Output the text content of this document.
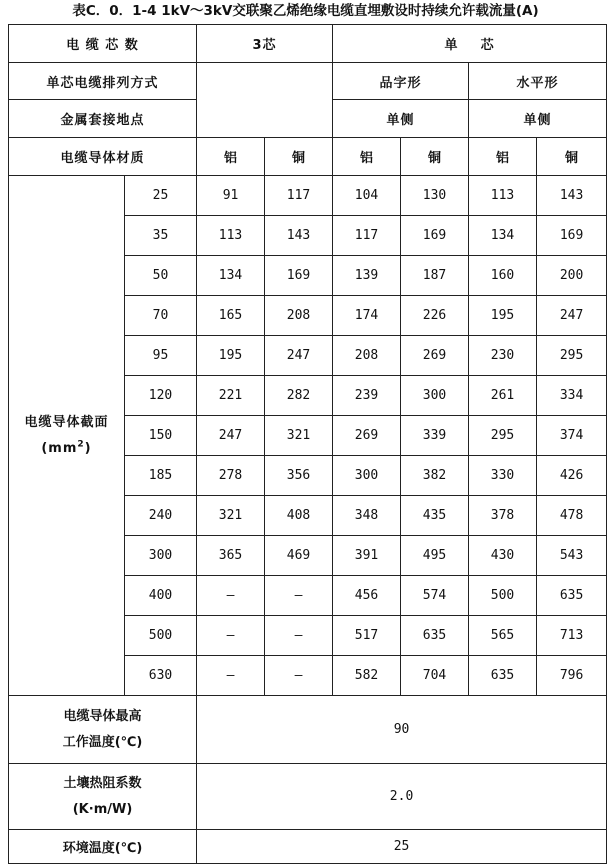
表C．0．1-4 1kV～3kV交联聚乙烯绝缘电缆直埋敷设时持续允许载流量(A)
电 缆 芯 数		3芯		单    芯			
单芯电缆排列方式				品字形		水平形	
金属套接地点				单侧		单侧	
电缆导体材质		铝	铜	铝	铜	铝	铜

电缆导体截面
$(mm^2)$	25	91	117	104	130	113	143
	35	113	143	117	169	134	169
	50	134	169	139	187	160	200
	70	165	208	174	226	195	247
	95	195	247	208	269	230	295
	120	221	282	239	300	261	334
	150	247	321	269	339	295	374
	185	278	356	300	382	330	426
	240	321	408	348	435	378	478
	300	365	469	391	495	430	543
	400	—	—	456	574	500	635
	500	—	—	517	635	565	713
	630	—	—	582	704	635	796

电缆导体最高
工作温度(℃)		90					

土壤热阻系数
(K·m/W)		2.0					
环境温度(℃)		25					
